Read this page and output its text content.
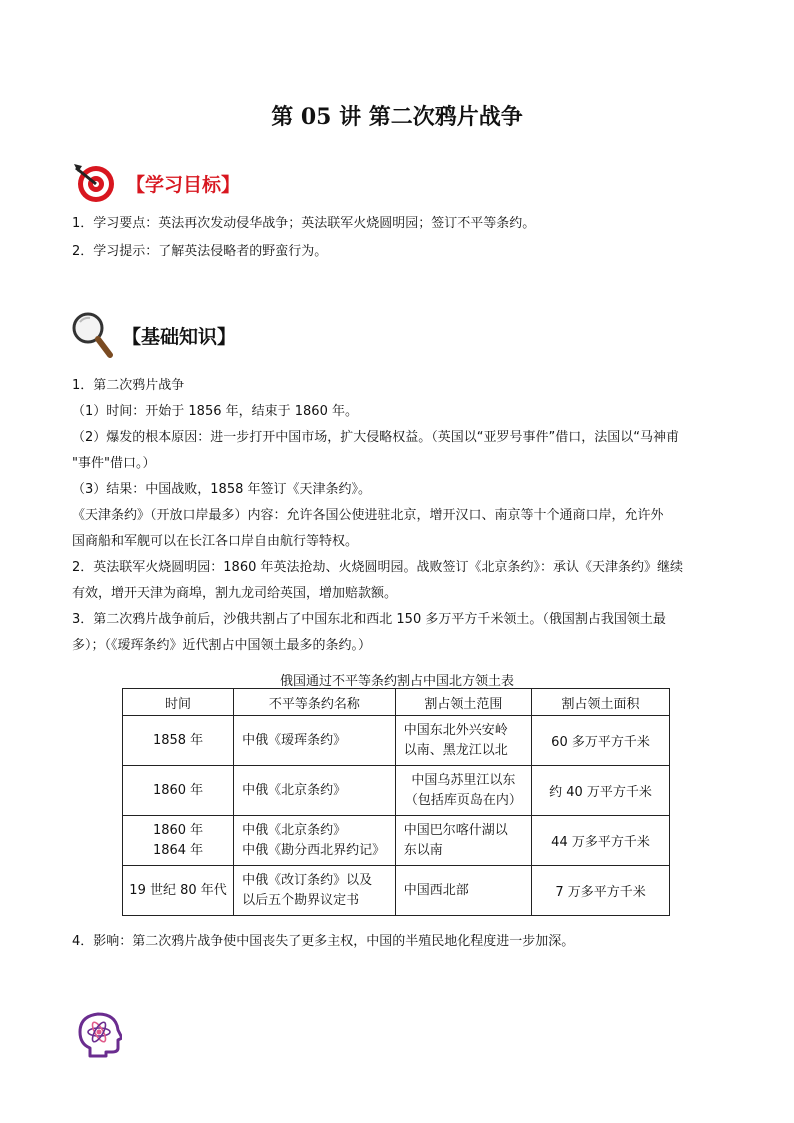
第 05 讲 第二次鸦片战争
【学习目标】
1．学习要点：英法再次发动侵华战争；英法联军火烧圆明园；签订不平等条约。
2．学习提示：了解英法侵略者的野蛮行为。
【基础知识】
1．第二次鸦片战争
（1）时间：开始于 1856 年，结束于 1860 年。
（2）爆发的根本原因：进一步打开中国市场，扩大侵略权益。（英国以“亚罗号事件”借口，法国以“马神甫
"事件"借口。）
（3）结果：中国战败，1858 年签订《天津条约》。
《天津条约》（开放口岸最多）内容：允许各国公使进驻北京，增开汉口、南京等十个通商口岸，允许外
国商船和军舰可以在长江各口岸自由航行等特权。
2．英法联军火烧圆明园：1860 年英法抢劫、火烧圆明园。战败签订《北京条约》：承认《天津条约》继续
有效，增开天津为商埠，割九龙司给英国，增加赔款额。
3．第二次鸦片战争前后，沙俄共割占了中国东北和西北 150 多万平方千米领土。（俄国割占我国领土最
多）；（《瑷珲条约》近代割占中国领土最多的条约。）
俄国通过不平等条约割占中国北方领土表
时间	不平等条约名称	割占领土范围	割占领土面积

1858 年	中俄《瑷珲条约》	中国东北外兴安岭
以南、黑龙江以北	60 多万平方千米

1860 年	中俄《北京条约》	中国乌苏里江以东
（包括库页岛在内）	约 40 万平方千米

1860 年
1864 年	中俄《北京条约》
中俄《勘分西北界约记》	中国巴尔喀什湖以
东以南	44 万多平方千米

19 世纪 80 年代	中俄《改订条约》以及
以后五个勘界议定书	中国西北部	7 万多平方千米
4．影响：第二次鸦片战争使中国丧失了更多主权，中国的半殖民地化程度进一步加深。
